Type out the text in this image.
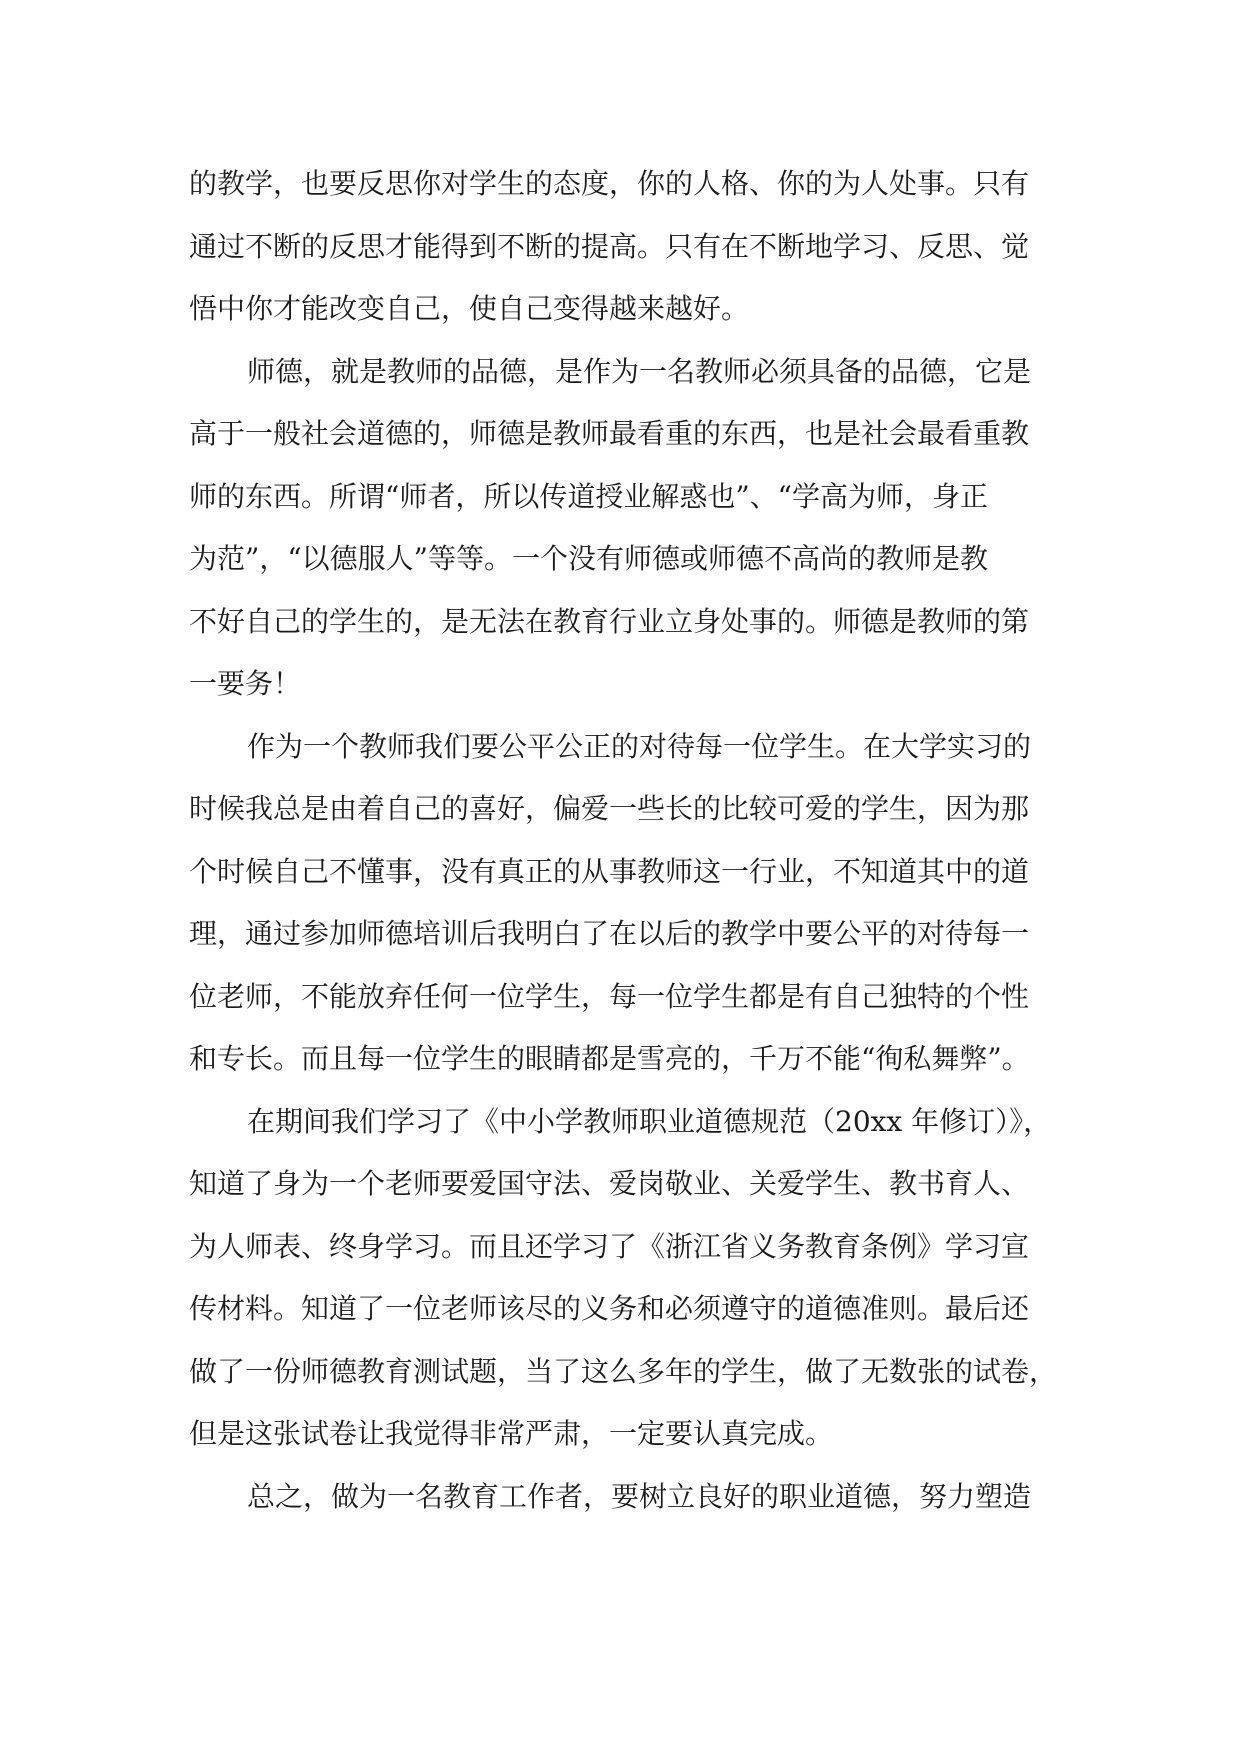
的教学，也要反思你对学生的态度，你的人格、你的为人处事。只有
通过不断的反思才能得到不断的提高。只有在不断地学习、反思、觉
悟中你才能改变自己，使自己变得越来越好。
师德，就是教师的品德，是作为一名教师必须具备的品德，它是
高于一般社会道德的，师德是教师最看重的东西，也是社会最看重教
师的东西。所谓“师者，所以传道授业解惑也”、“学高为师，身正
为范”，“以德服人”等等。一个没有师德或师德不高尚的教师是教
不好自己的学生的，是无法在教育行业立身处事的。师德是教师的第
一要务！
作为一个教师我们要公平公正的对待每一位学生。在大学实习的
时候我总是由着自己的喜好，偏爱一些长的比较可爱的学生，因为那
个时候自己不懂事，没有真正的从事教师这一行业，不知道其中的道
理，通过参加师德培训后我明白了在以后的教学中要公平的对待每一
位老师，不能放弃任何一位学生，每一位学生都是有自己独特的个性
和专长。而且每一位学生的眼睛都是雪亮的，千万不能“徇私舞弊”。
在期间我们学习了《中小学教师职业道德规范（20xx 年修订）》，
知道了身为一个老师要爱国守法、爱岗敬业、关爱学生、教书育人、
为人师表、终身学习。而且还学习了《浙江省义务教育条例》学习宣
传材料。知道了一位老师该尽的义务和必须遵守的道德准则。最后还
做了一份师德教育测试题，当了这么多年的学生，做了无数张的试卷，
但是这张试卷让我觉得非常严肃，一定要认真完成。
总之，做为一名教育工作者，要树立良好的职业道德，努力塑造
